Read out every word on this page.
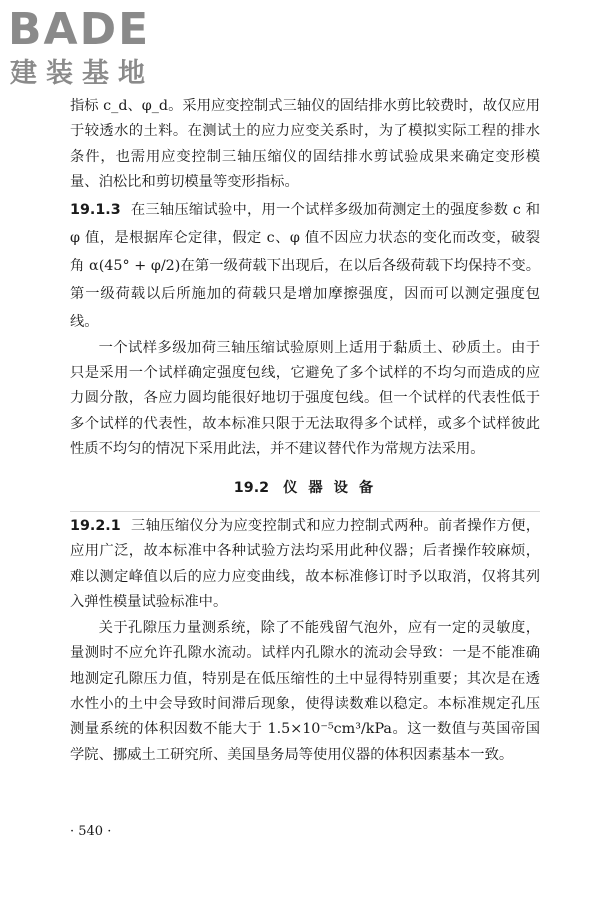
BADE
建装基地

指标 c_d、φ_d。采用应变控制式三轴仪的固结排水剪比较费时，故仅应用于较透水的土料。在测试土的应力应变关系时，为了模拟实际工程的排水条件，也需用应变控制三轴压缩仪的固结排水剪试验成果来确定变形模量、泊松比和剪切模量等变形指标。

19.1.3 在三轴压缩试验中，用一个试样多级加荷测定土的强度参数 c 和 φ 值，是根据库仑定律，假定 c、φ 值不因应力状态的变化而改变，破裂角 α(45° + φ/2)在第一级荷载下出现后，在以后各级荷载下均保持不变。第一级荷载以后所施加的荷载只是增加摩擦强度，因而可以测定强度包线。

一个试样多级加荷三轴压缩试验原则上适用于黏质土、砂质土。由于只是采用一个试样确定强度包线，它避免了多个试样的不均匀而造成的应力圆分散，各应力圆均能很好地切于强度包线。但一个试样的代表性低于多个试样的代表性，故本标准只限于无法取得多个试样，或多个试样彼此性质不均匀的情况下采用此法，并不建议替代作为常规方法采用。

19.2 仪 器 设 备

19.2.1 三轴压缩仪分为应变控制式和应力控制式两种。前者操作方便，应用广泛，故本标准中各种试验方法均采用此种仪器；后者操作较麻烦，难以测定峰值以后的应力应变曲线，故本标准修订时予以取消，仅将其列入弹性模量试验标准中。

关于孔隙压力量测系统，除了不能残留气泡外，应有一定的灵敏度，量测时不应允许孔隙水流动。试样内孔隙水的流动会导致：一是不能准确地测定孔隙压力值，特别是在低压缩性的土中显得特别重要；其次是在透水性小的土中会导致时间滞后现象，使得读数难以稳定。本标准规定孔压测量系统的体积因数不能大于 1.5×10⁻⁵cm³/kPa。这一数值与英国帝国学院、挪威土工研究所、美国垦务局等使用仪器的体积因素基本一致。

· 540 ·
